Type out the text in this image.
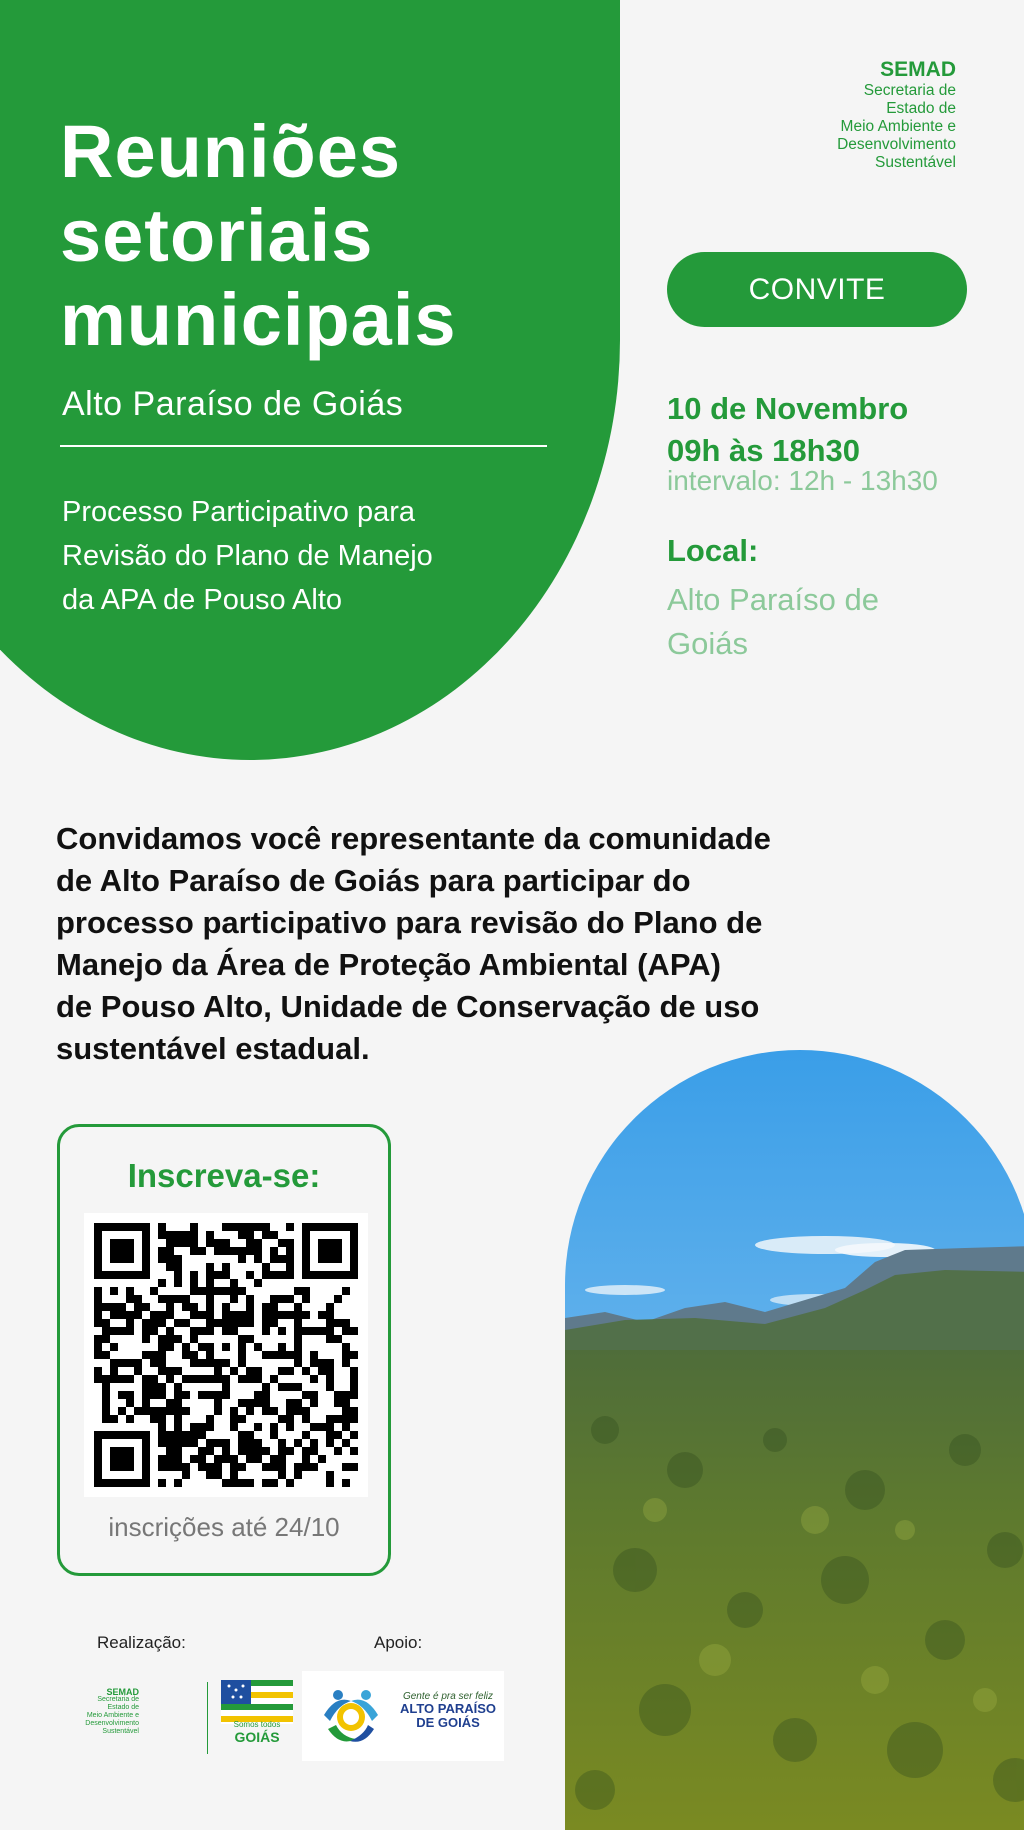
Reuniões
setoriais
municipais
Alto Paraíso de Goiás
Processo Participativo para
Revisão do Plano de Manejo
da APA de Pouso Alto
SEMAD
Secretaria de
Estado de
Meio Ambiente e
Desenvolvimento
Sustentável
CONVITE
10 de Novembro
09h às 18h30
intervalo: 12h - 13h30
Local:
Alto Paraíso de
Goiás
Convidamos você representante da comunidade
de Alto Paraíso de Goiás para participar do
processo participativo para revisão do Plano de
Manejo da Área de Proteção Ambiental (APA)
de Pouso Alto, Unidade de Conservação de uso
sustentável estadual.
Inscreva-se:
inscrições até 24/10
Realização:	Apoio:
SEMAD
Secretaria de
Estado de
Meio Ambiente e
Desenvolvimento
Sustentável
Somos todos
GOIÁS
Gente é pra ser feliz
ALTO PARAÍSO
DE GOIÁS
